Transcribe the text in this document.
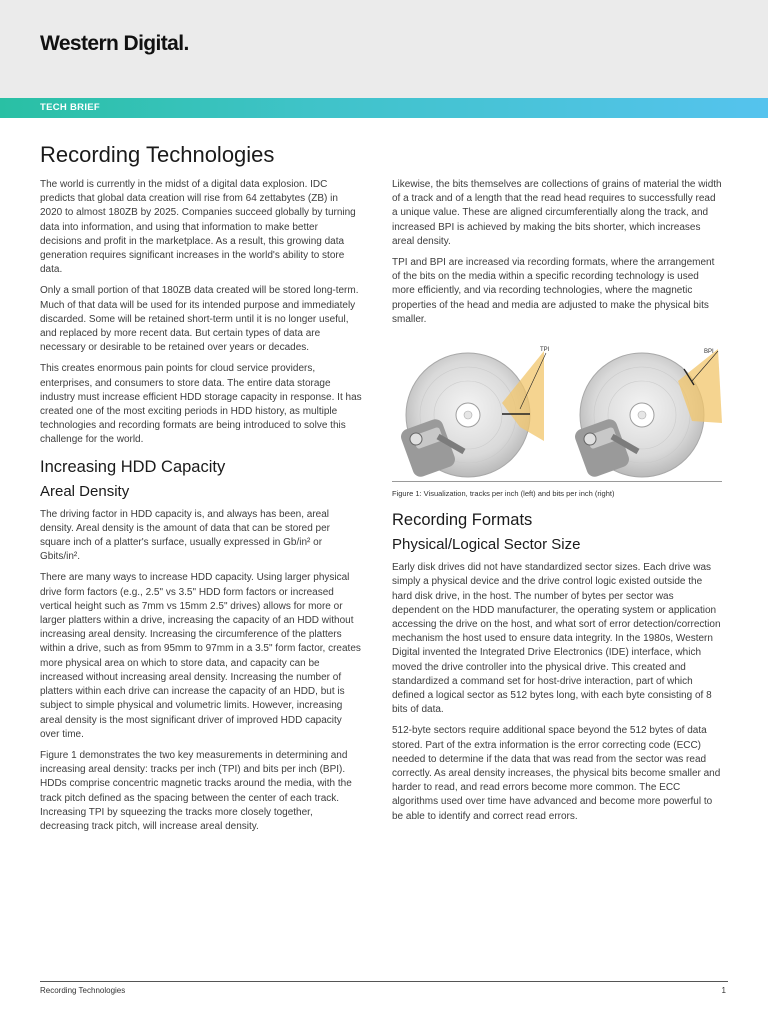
Western Digital.
TECH BRIEF
Recording Technologies

The world is currently in the midst of a digital data explosion. IDC predicts that global data creation will rise from 64 zettabytes (ZB) in 2020 to almost 180ZB by 2025. Companies succeed globally by turning data into information, and using that information to make better decisions and profit in the marketplace. As a result, this growing data generation requires significant increases in the world's ability to store data.

Only a small portion of that 180ZB data created will be stored long-term. Much of that data will be used for its intended purpose and immediately discarded. Some will be retained short-term until it is no longer useful, and replaced by more recent data. But certain types of data are necessary or desirable to be retained over years or decades.

This creates enormous pain points for cloud service providers, enterprises, and consumers to store data. The entire data storage industry must increase efficient HDD storage capacity in response. It has created one of the most exciting periods in HDD history, as multiple technologies and recording formats are being introduced to solve this challenge for the world.

Increasing HDD Capacity
Areal Density

The driving factor in HDD capacity is, and always has been, areal density. Areal density is the amount of data that can be stored per square inch of a platter's surface, usually expressed in Gb/in² or Gbits/in².

There are many ways to increase HDD capacity. Using larger physical drive form factors (e.g., 2.5" vs 3.5" HDD form factors or increased vertical height such as 7mm vs 15mm 2.5" drives) allows for more or larger platters within a drive, increasing the capacity of an HDD without increasing areal density. Increasing the circumference of the platters within a drive, such as from 95mm to 97mm in a 3.5" form factor, creates more physical area on which to store data, and capacity can be increased without increasing areal density. Increasing the number of platters within each drive can increase the capacity of an HDD, but is subject to simple physical and volumetric limits. However, increasing areal density is the most significant driver of improved HDD capacity over time.

Figure 1 demonstrates the two key measurements in determining and increasing areal density: tracks per inch (TPI) and bits per inch (BPI). HDDs comprise concentric magnetic tracks around the media, with the track pitch defined as the spacing between the center of each track. Increasing TPI by squeezing the tracks more closely together, decreasing track pitch, will increase areal density.

Likewise, the bits themselves are collections of grains of material the width of a track and of a length that the read head requires to successfully read a unique value. These are aligned circumferentially along the track, and increased BPI is achieved by making the bits shorter, which increases areal density.

TPI and BPI are increased via recording formats, where the arrangement of the bits on the media within a specific recording technology is used more efficiently, and via recording technologies, where the magnetic properties of the head and media are adjusted to make the physical bits smaller.

TPI	BPI

Figure 1: Visualization, tracks per inch (left) and bits per inch (right)

Recording Formats
Physical/Logical Sector Size

Early disk drives did not have standardized sector sizes. Each drive was simply a physical device and the drive control logic existed outside the hard disk drive, in the host. The number of bytes per sector was dependent on the HDD manufacturer, the operating system or application accessing the drive on the host, and what sort of error detection/correction mechanism the host used to ensure data integrity. In the 1980s, Western Digital invented the Integrated Drive Electronics (IDE) interface, which moved the drive controller into the physical drive. This created and standardized a command set for host-drive interaction, part of which defined a logical sector as 512 bytes long, with each byte consisting of 8 bits of data.

512-byte sectors require additional space beyond the 512 bytes of data stored. Part of the extra information is the error correcting code (ECC) needed to determine if the data that was read from the sector was read correctly. As areal density increases, the physical bits become smaller and harder to read, and read errors become more common. The ECC algorithms used over time have advanced and become more powerful to be able to identify and correct read errors.

Recording Technologies	1
